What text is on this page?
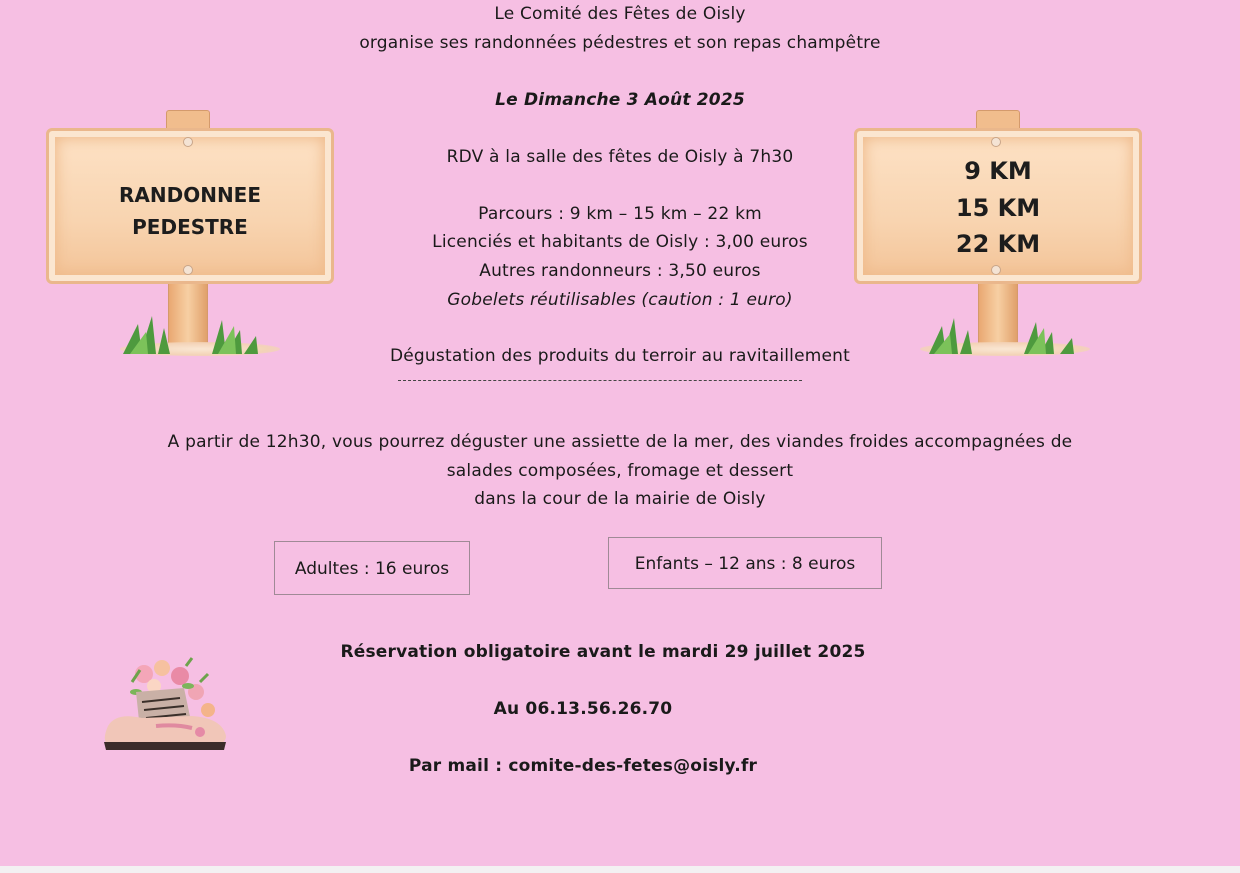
Le Comité des Fêtes de Oisly
organise ses randonnées pédestres et son repas champêtre
Le Dimanche 3 Août 2025
RANDONNEE
PEDESTRE
9 KM
15 KM
22 KM
RDV à la salle des fêtes de Oisly à 7h30
Parcours : 9 km – 15 km – 22 km
Licenciés et habitants de Oisly : 3,00 euros
Autres randonneurs : 3,50 euros
Gobelets réutilisables (caution : 1 euro)
Dégustation des produits du terroir au ravitaillement
A partir de 12h30, vous pourrez déguster une assiette de la mer, des viandes froides accompagnées de
salades composées, fromage et dessert
dans la cour de la mairie de Oisly
Adultes : 16 euros	Enfants – 12 ans : 8 euros
Réservation obligatoire avant le mardi 29 juillet 2025
Au 06.13.56.26.70
Par mail : comite-des-fetes@oisly.fr
